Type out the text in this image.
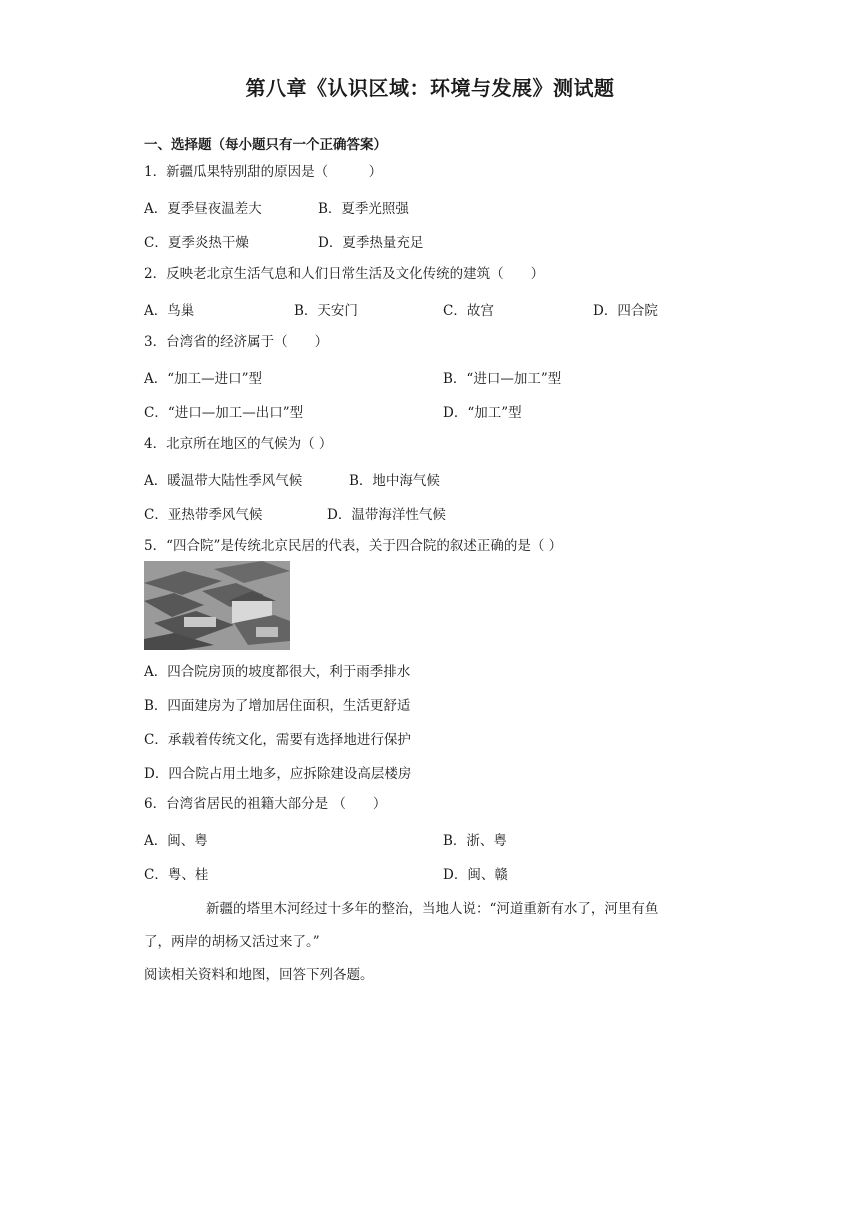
第八章《认识区域：环境与发展》测试题
一、选择题（每小题只有一个正确答案）
1．新疆瓜果特别甜的原因是（　　　）
A．夏季昼夜温差大	B．夏季光照强
C．夏季炎热干燥	D．夏季热量充足
2．反映老北京生活气息和人们日常生活及文化传统的建筑（　　）
A．鸟巢	B．天安门	C．故宫	D．四合院
3．台湾省的经济属于（　　）
A．“加工—进口”型	B．“进口—加工”型
C．“进口—加工—出口”型	D．“加工”型
4．北京所在地区的气候为（ ）
A．暖温带大陆性季风气候	B．地中海气候
C．亚热带季风气候	D．温带海洋性气候
5．“四合院”是传统北京民居的代表，关于四合院的叙述正确的是（ ）
A．四合院房顶的坡度都很大，利于雨季排水
B．四面建房为了增加居住面积，生活更舒适
C．承载着传统文化，需要有选择地进行保护
D．四合院占用土地多，应拆除建设高层楼房
6．台湾省居民的祖籍大部分是 （　　）
A．闽、粤	B．浙、粤
C．粤、桂	D．闽、赣
新疆的塔里木河经过十多年的整治，当地人说：“河道重新有水了，河里有鱼
了，两岸的胡杨又活过来了。”
阅读相关资料和地图，回答下列各题。
